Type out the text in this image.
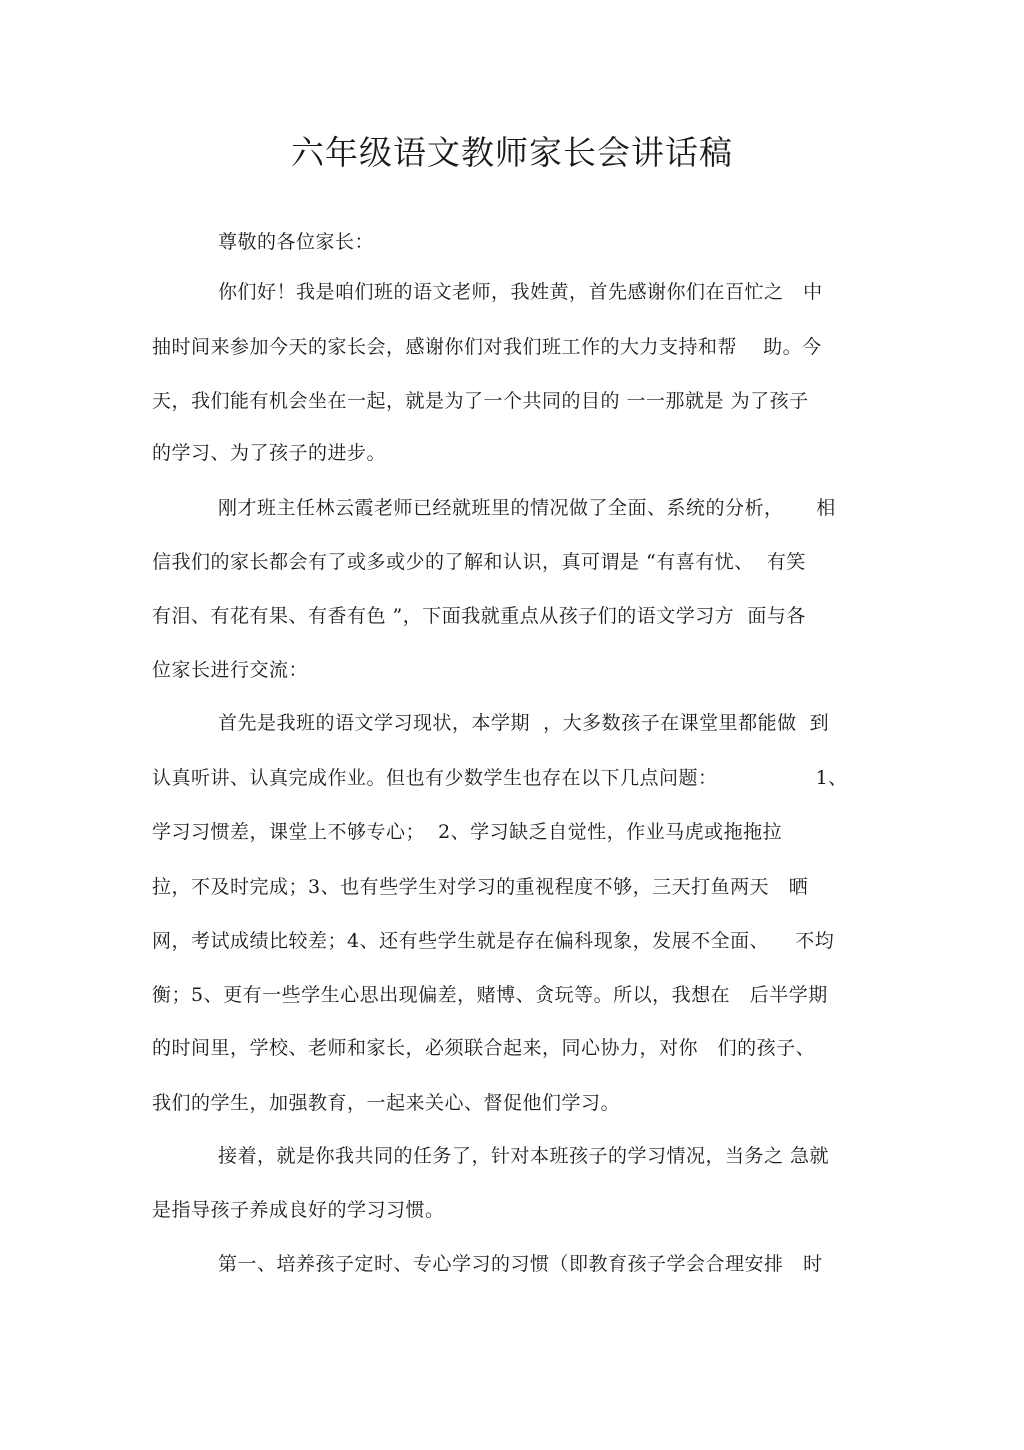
六年级语文教师家长会讲话稿
尊敬的各位家长：
你们好！我是咱们班的语文老师，我姓黄，首先感谢你们在百忙之   中
抽时间来参加今天的家长会，感谢你们对我们班工作的大力支持和帮    助。今
天，我们能有机会坐在一起，就是为了一个共同的目的 一一那就是 为了孩子
的学习、为了孩子的进步。
刚才班主任林云霞老师已经就班里的情况做了全面、系统的分析，     相
信我们的家长都会有了或多或少的了解和认识，真可谓是 “有喜有忧、  有笑
有泪、有花有果、有香有色 ”，下面我就重点从孩子们的语文学习方  面与各
位家长进行交流：
首先是我班的语文学习现状，本学期  ，大多数孩子在课堂里都能做  到
认真听讲、认真完成作业。但也有少数学生也存在以下几点问题：               1、
学习习惯差，课堂上不够专心；  2、学习缺乏自觉性，作业马虎或拖拖拉
拉，不及时完成；3、也有些学生对学习的重视程度不够，三天打鱼两天   晒
网，考试成绩比较差；4、还有些学生就是存在偏科现象，发展不全面、    不均
衡；5、更有一些学生心思出现偏差，赌博、贪玩等。所以，我想在   后半学期
的时间里，学校、老师和家长，必须联合起来，同心协力，对你   们的孩子、
我们的学生，加强教育，一起来关心、督促他们学习。
接着，就是你我共同的任务了，针对本班孩子的学习情况，当务之 急就
是指导孩子养成良好的学习习惯。
第一、培养孩子定时、专心学习的习惯（即教育孩子学会合理安排   时
